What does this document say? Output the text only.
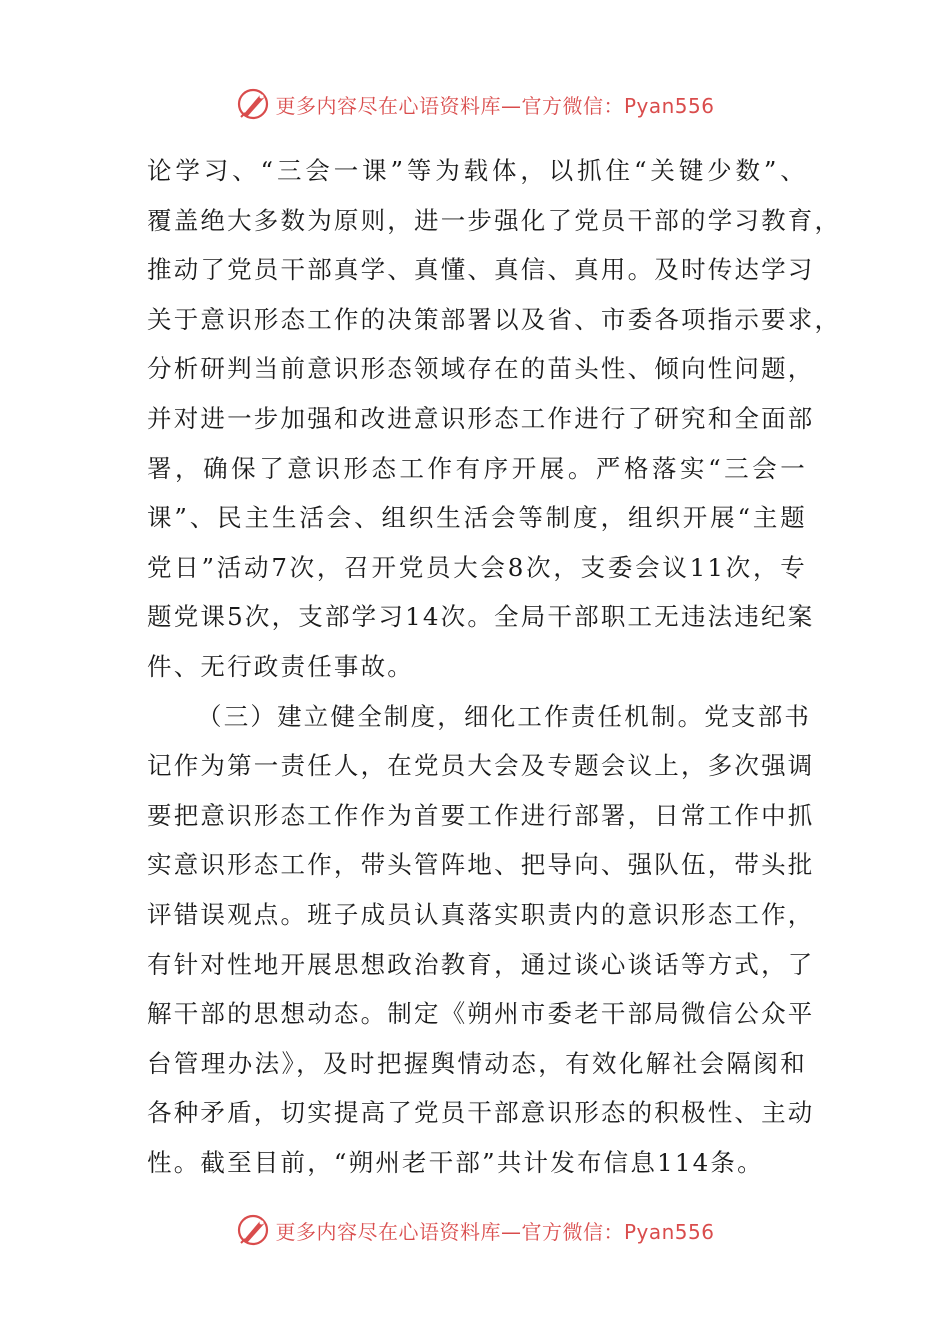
更多内容尽在心语资料库—官方微信：Pyan556
论学习、“三会一课”等为载体，以抓住“关键少数”、
覆盖绝大多数为原则，进一步强化了党员干部的学习教育，
推动了党员干部真学、真懂、真信、真用。及时传达学习
关于意识形态工作的决策部署以及省、市委各项指示要求，
分析研判当前意识形态领域存在的苗头性、倾向性问题，
并对进一步加强和改进意识形态工作进行了研究和全面部
署，确保了意识形态工作有序开展。严格落实“三会一
课”、民主生活会、组织生活会等制度，组织开展“主题
党日”活动7次，召开党员大会8次，支委会议11次，专
题党课5次，支部学习14次。全局干部职工无违法违纪案
件、无行政责任事故。
（三）建立健全制度，细化工作责任机制。党支部书
记作为第一责任人，在党员大会及专题会议上，多次强调
要把意识形态工作作为首要工作进行部署，日常工作中抓
实意识形态工作，带头管阵地、把导向、强队伍，带头批
评错误观点。班子成员认真落实职责内的意识形态工作，
有针对性地开展思想政治教育，通过谈心谈话等方式，了
解干部的思想动态。制定《朔州市委老干部局微信公众平
台管理办法》，及时把握舆情动态，有效化解社会隔阂和
各种矛盾，切实提高了党员干部意识形态的积极性、主动
性。截至目前，“朔州老干部”共计发布信息114条。
更多内容尽在心语资料库—官方微信：Pyan556
